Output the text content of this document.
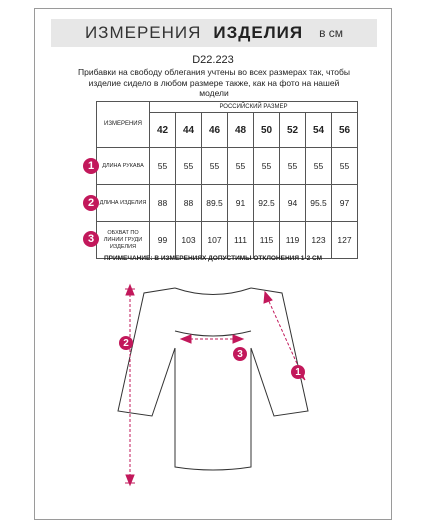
ИЗМЕРЕНИЯ ИЗДЕЛИЯ в см
D22.223
Прибавки на свободу облегания учтены во всех размерах так, чтобы изделие сидело в любом размере также, как на фото на нашей модели
ИЗМЕРЕНИЯ	РОССИЙСКИЙ РАЗМЕР							
	42	44	46	48	50	52	54	56
ДЛИНА РУКАВА	55	55	55	55	55	55	55	55
ДЛИНА ИЗДЕЛИЯ	88	88	89.5	91	92.5	94	95.5	97
ОБХВАТ ПО ЛИНИИ ГРУДИ ИЗДЕЛИЯ	99	103	107	111	115	119	123	127
1
2
3
ПРИМЕЧАНИЕ: В ИЗМЕРЕНИЯХ ДОПУСТИМЫ ОТКЛОНЕНИЯ 1-2 СМ
2
3
1
